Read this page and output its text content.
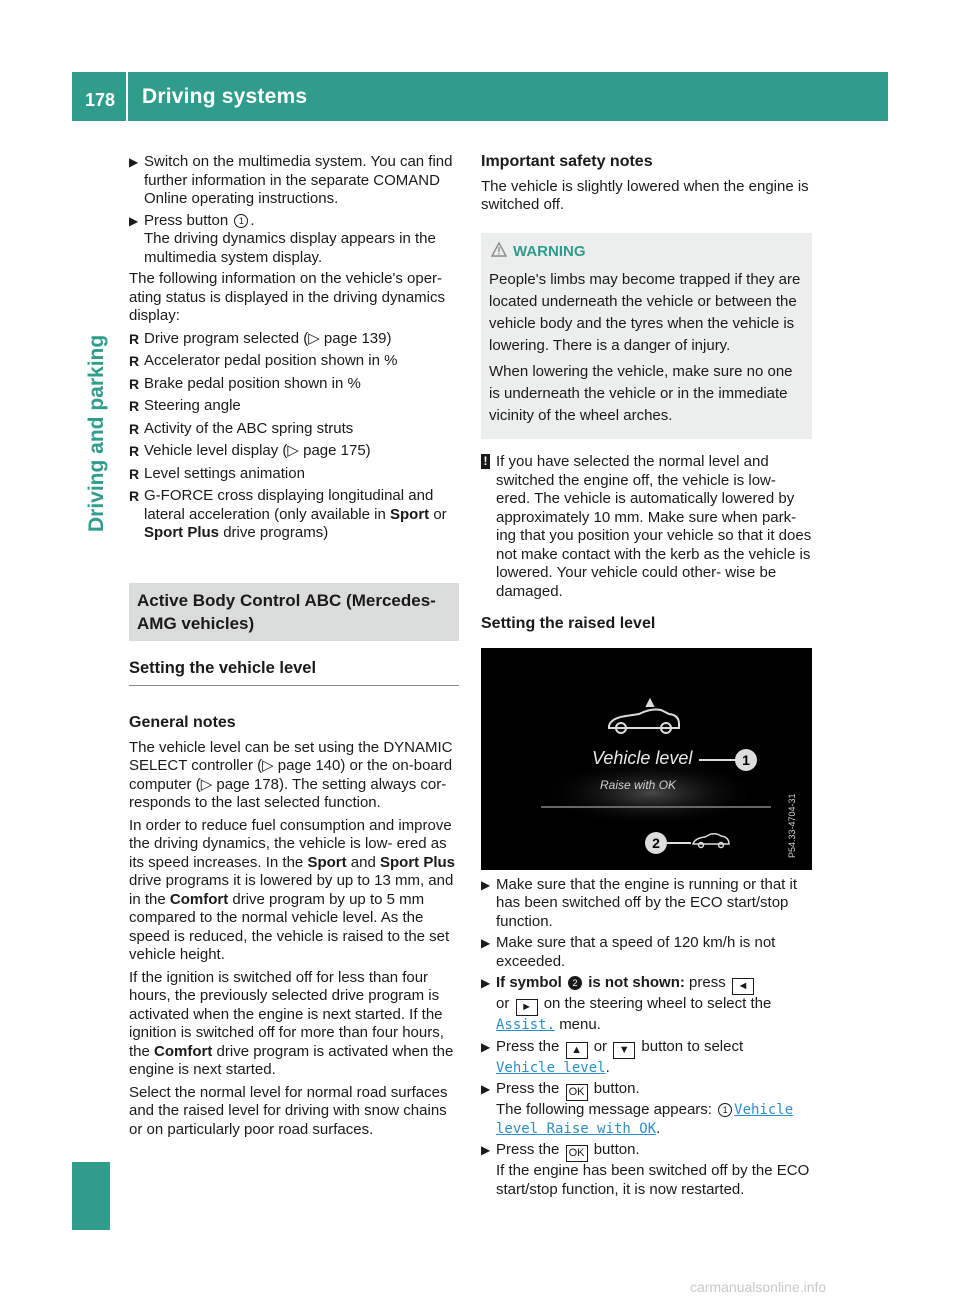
178 Driving systems
Driving and parking
▶ Switch on the multimedia system. You can find further information in the separate COMAND Online operating instructions.
▶ Press button 1 .
The driving dynamics display appears in the multimedia system display.

The following information on the vehicle's oper- ating status is displayed in the driving dynamics display:

R Drive program selected (▷ page 139)
R Accelerator pedal position shown in %
R Brake pedal position shown in %
R Steering angle
R Activity of the ABC spring struts
R Vehicle level display (▷ page 175)
R Level settings animation
R G-FORCE cross displaying longitudinal and lateral acceleration (only available in Sport or Sport Plus drive programs)
Active Body Control ABC (Mercedes-AMG vehicles)
Setting the vehicle level
General notes

The vehicle level can be set using the DYNAMIC SELECT controller (▷ page 140) or the on-board computer (▷ page 178). The setting always cor- responds to the last selected function.

In order to reduce fuel consumption and improve the driving dynamics, the vehicle is low- ered as its speed increases. In the Sport and Sport Plus drive programs it is lowered by up to 13 mm, and in the Comfort drive program by up to 5 mm compared to the normal vehicle level. As the speed is reduced, the vehicle is raised to the set vehicle height.

If the ignition is switched off for less than four hours, the previously selected drive program is activated when the engine is next started. If the ignition is switched off for more than four hours, the Comfort drive program is activated when the engine is next started.

Select the normal level for normal road surfaces and the raised level for driving with snow chains or on particularly poor road surfaces.

Important safety notes

The vehicle is slightly lowered when the engine is switched off.

WARNING

People's limbs may become trapped if they are located underneath the vehicle or between the vehicle body and the tyres when the vehicle is lowering. There is a danger of injury.

When lowering the vehicle, make sure no one is underneath the vehicle or in the immediate vicinity of the wheel arches.

! If you have selected the normal level and switched the engine off, the vehicle is low- ered. The vehicle is automatically lowered by approximately 10 mm. Make sure when park- ing that you position your vehicle so that it does not make contact with the kerb as the vehicle is lowered. Your vehicle could other- wise be damaged.
Setting the raised level
Vehicle level
Raise with OK
1
2	P54.33-4704-31
▶ Make sure that the engine is running or that it has been switched off by the ECO start/stop function.
▶ Make sure that a speed of 120 km/h is not exceeded.
▶ If symbol 2 is not shown: press ◄
or ► on the steering wheel to select the
Assist. menu.
▶ Press the ▲ or ▼ button to select
Vehicle level.
▶ Press the OK button.
The following message appears: 1 Vehicle level Raise with OK.
▶ Press the OK button.
If the engine has been switched off by the ECO start/stop function, it is now restarted.
carmanualsonline.info
